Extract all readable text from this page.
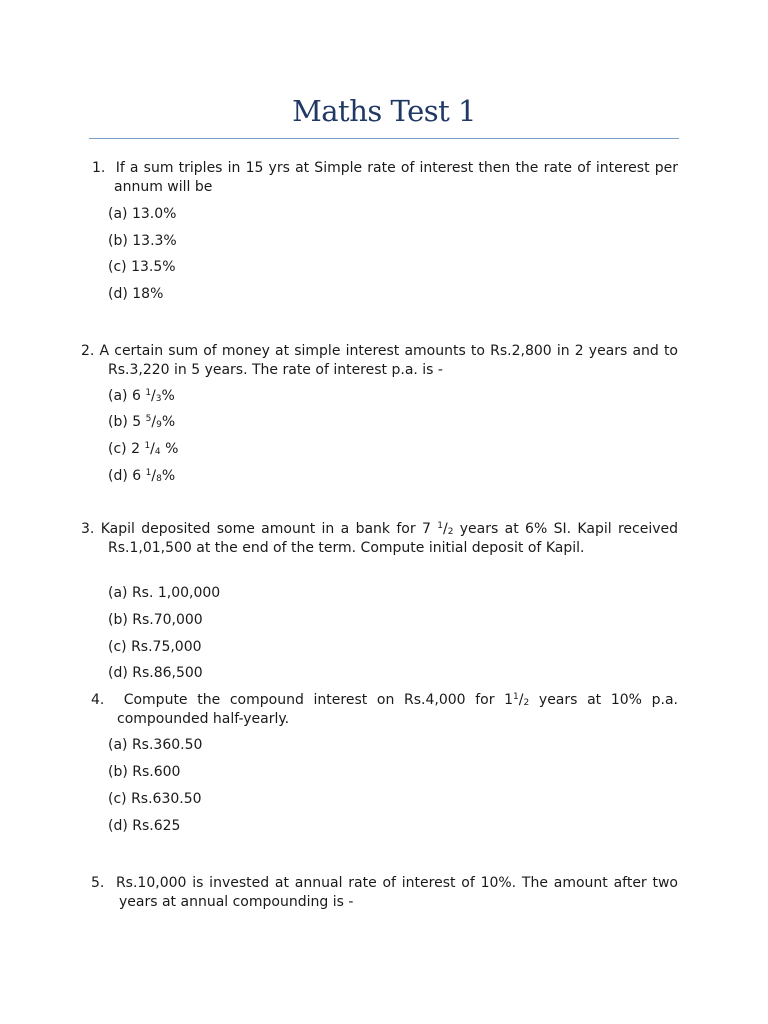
Maths Test 1
1. If a sum triples in 15 yrs at Simple rate of interest then the rate of interest per annum will be
(a) 13.0%
(b) 13.3%
(c) 13.5%
(d) 18%
2. A certain sum of money at simple interest amounts to Rs.2,800 in 2 years and to Rs.3,220 in 5 years. The rate of interest p.a. is -
(a) 6 $^1/_3\%$
(b) 5 $^5/_9\%$
(c) 2 $^1/_4$ %
(d) 6 $^1/_8\%$
3. Kapil deposited some amount in a bank for 7 $^1/_2$ years at 6% SI. Kapil received Rs.1,01,500 at the end of the term. Compute initial deposit of Kapil.
(a) Rs. 1,00,000
(b) Rs.70,000
(c) Rs.75,000
(d) Rs.86,500
4. Compute the compound interest on Rs.4,000 for $1^1/_2$ years at 10% p.a. compounded half-yearly.
(a) Rs.360.50
(b) Rs.600
(c) Rs.630.50
(d) Rs.625
5. Rs.10,000 is invested at annual rate of interest of 10%. The amount after two years at annual compounding is -
